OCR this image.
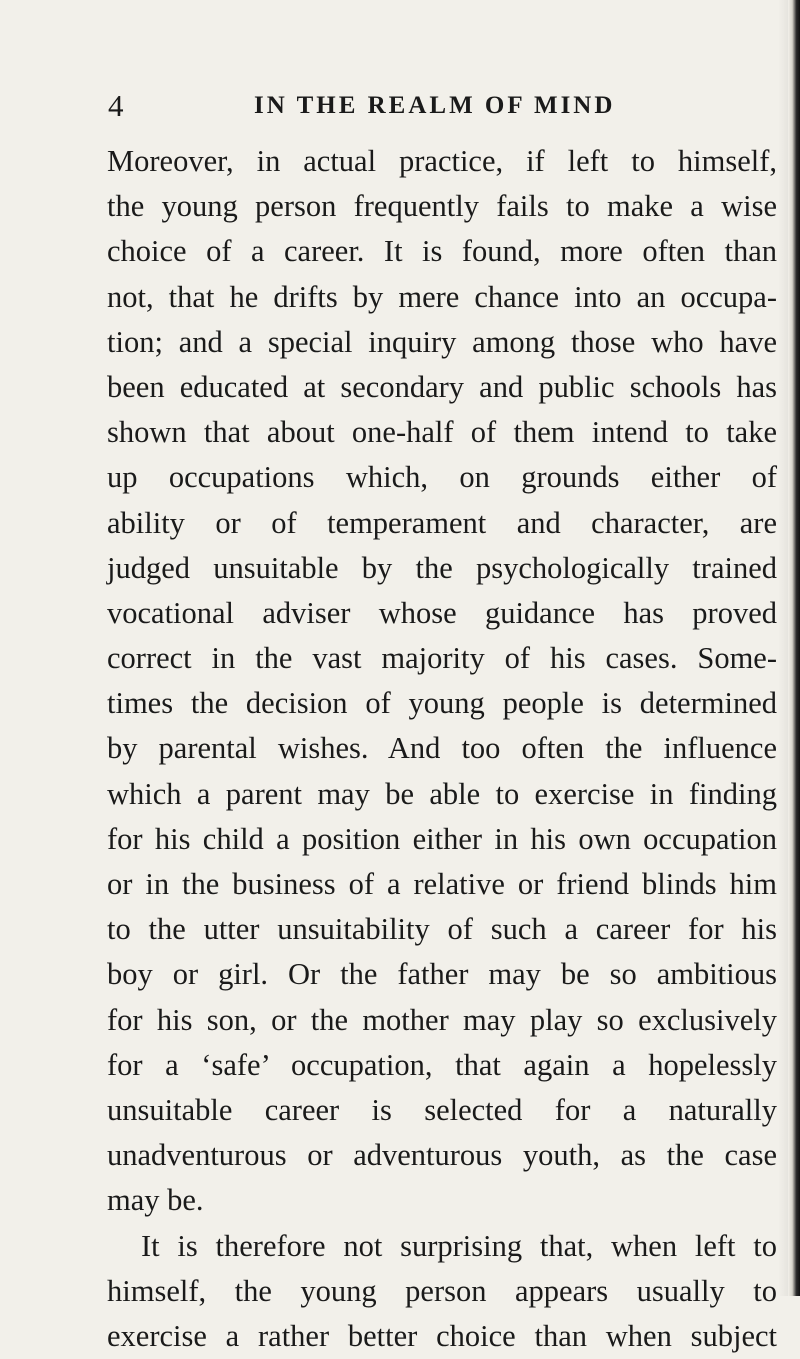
4	IN THE REALM OF MIND
Moreover, in actual practice, if left to himself,
the young person frequently fails to make a wise
choice of a career. It is found, more often than
not, that he drifts by mere chance into an occupa-
tion; and a special inquiry among those who have
been educated at secondary and public schools has
shown that about one-half of them intend to take
up occupations which, on grounds either of
ability or of temperament and character, are
judged unsuitable by the psychologically trained
vocational adviser whose guidance has proved
correct in the vast majority of his cases. Some-
times the decision of young people is determined
by parental wishes. And too often the influence
which a parent may be able to exercise in finding
for his child a position either in his own occupation
or in the business of a relative or friend blinds him
to the utter unsuitability of such a career for his
boy or girl. Or the father may be so ambitious
for his son, or the mother may play so exclusively
for a ‘safe’ occupation, that again a hopelessly
unsuitable career is selected for a naturally
unadventurous or adventurous youth, as the case
may be.
It is therefore not surprising that, when left to
himself, the young person appears usually to
exercise a rather better choice than when subject
